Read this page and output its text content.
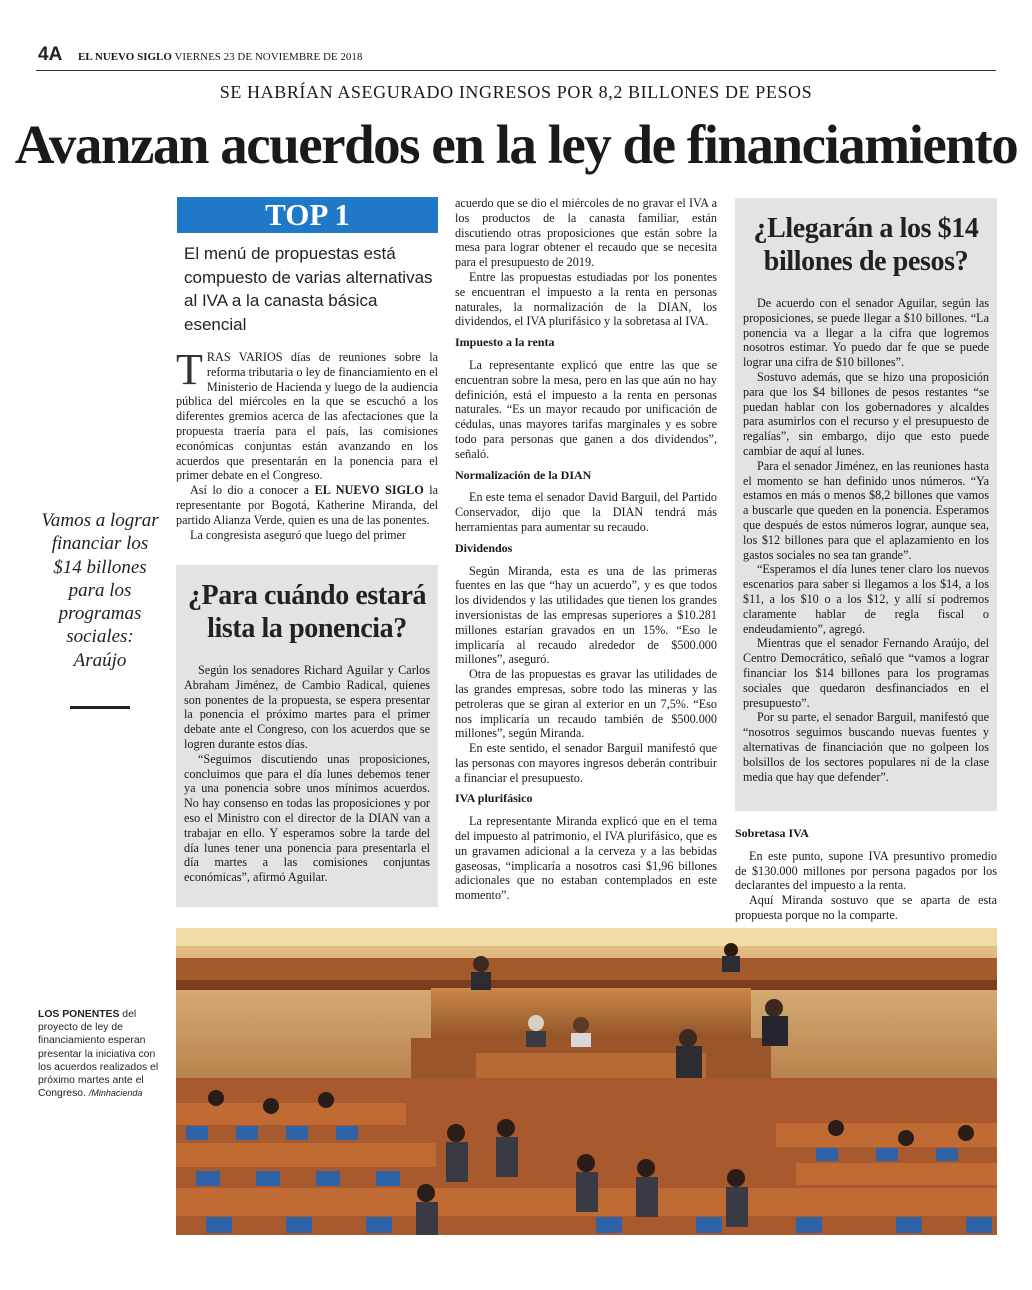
4A EL NUEVO SIGLO VIERNES 23 DE NOVIEMBRE DE 2018
SE HABRÍAN ASEGURADO INGRESOS POR 8,2 BILLONES DE PESOS
Avanzan acuerdos en la ley de financiamiento
TOP 1
El menú de propuestas está compuesto de varias alternativas al IVA a la canasta básica esencial
Vamos a lograr financiar los $14 billones para los programas sociales: Araújo

TRAS VARIOS días de reuniones sobre la reforma tributaria o ley de financiamiento en el Ministerio de Hacienda y luego de la audiencia pública del miércoles en la que se escuchó a los diferentes gremios acerca de las afectaciones que la propuesta traería para el país, las comisiones económicas conjuntas están avanzando en los acuerdos que presentarán en la ponencia para el primer debate en el Congreso.

Así lo dio a conocer a EL NUEVO SIGLO la representante por Bogotá, Katherine Miranda, del partido Alianza Verde, quien es una de las ponentes.

La congresista aseguró que luego del primer

¿Para cuándo estará lista la ponencia?

Según los senadores Richard Aguilar y Carlos Abraham Jiménez, de Cambio Radical, quienes son ponentes de la propuesta, se espera presentar la ponencia el próximo martes para el primer debate ante el Congreso, con los acuerdos que se logren durante estos días.

“Seguimos discutiendo unas proposiciones, concluimos que para el día lunes debemos tener ya una ponencia sobre unos mínimos acuerdos. No hay consenso en todas las proposiciones y por eso el Ministro con el director de la DIAN van a trabajar en ello. Y esperamos sobre la tarde del día lunes tener una ponencia para presentarla el día martes a las comisiones conjuntas económicas”, afirmó Aguilar.

acuerdo que se dio el miércoles de no gravar el IVA a los productos de la canasta familiar, están discutiendo otras proposiciones que están sobre la mesa para lograr obtener el recaudo que se necesita para el presupuesto de 2019.

Entre las propuestas estudiadas por los ponentes se encuentran el impuesto a la renta en personas naturales, la normalización de la DIAN, los dividendos, el IVA plurifásico y la sobretasa al IVA.

Impuesto a la renta

La representante explicó que entre las que se encuentran sobre la mesa, pero en las que aún no hay definición, está el impuesto a la renta en personas naturales. “Es un mayor recaudo por unificación de cédulas, unas mayores tarifas marginales y es sobre todo para personas que ganen a dos dividendos”, señaló.

Normalización de la DIAN

En este tema el senador David Barguil, del Partido Conservador, dijo que la DIAN tendrá más herramientas para aumentar su recaudo.

Dividendos

Según Miranda, esta es una de las primeras fuentes en las que “hay un acuerdo”, y es que todos los dividendos y las utilidades que tienen los grandes inversionistas de las empresas superiores a $10.281 millones estarían gravados en un 15%. “Eso le implicaría al recaudo alrededor de $500.000 millones”, aseguró.

Otra de las propuestas es gravar las utilidades de las grandes empresas, sobre todo las mineras y las petroleras que se giran al exterior en un 7,5%. “Eso nos implicaría un recaudo también de $500.000 millones”, según Miranda.

En este sentido, el senador Barguil manifestó que las personas con mayores ingresos deberán contribuir a financiar el presupuesto.

IVA plurifásico

La representante Miranda explicó que en el tema del impuesto al patrimonio, el IVA plurifásico, que es un gravamen adicional a la cerveza y a las bebidas gaseosas, “implicaría a nosotros casi $1,96 billones adicionales que no estaban contemplados en este momento”.

¿Llegarán a los $14 billones de pesos?

De acuerdo con el senador Aguilar, según las proposiciones, se puede llegar a $10 billones. “La ponencia va a llegar a la cifra que logremos nosotros estimar. Yo puedo dar fe que se puede lograr una cifra de $10 billones”.

Sostuvo además, que se hizo una proposición para que los $4 billones de pesos restantes “se puedan hablar con los gobernadores y alcaldes para asumirlos con el recurso y el presupuesto de regalías”, sin embargo, dijo que esto puede cambiar de aquí al lunes.

Para el senador Jiménez, en las reuniones hasta el momento se han definido unos números. “Ya estamos en más o menos $8,2 billones que vamos a buscarle que queden en la ponencia. Esperamos que después de estos números lograr, aunque sea, los $12 billones para que el aplazamiento en los gastos sociales no sea tan grande”.

“Esperamos el día lunes tener claro los nuevos escenarios para saber si llegamos a los $14, a los $11, a los $10 o a los $12, y allí sí podremos claramente hablar de regla fiscal o endeudamiento”, agregó.

Mientras que el senador Fernando Araújo, del Centro Democrático, señaló que “vamos a lograr financiar los $14 billones para los programas sociales que quedaron desfinanciados en el presupuesto”.

Por su parte, el senador Barguil, manifestó que “nosotros seguimos buscando nuevas fuentes y alternativas de financiación que no golpeen los bolsillos de los sectores populares ni de la clase media que hay que defender”.

Sobretasa IVA

En este punto, supone IVA presuntivo promedio de $130.000 millones por persona pagados por los declarantes del impuesto a la renta.

Aquí Miranda sostuvo que se aparta de esta propuesta porque no la comparte.

LOS PONENTES del proyecto de ley de financiamiento esperan presentar la iniciativa con los acuerdos realizados el próximo martes ante el Congreso. /Minhacienda
